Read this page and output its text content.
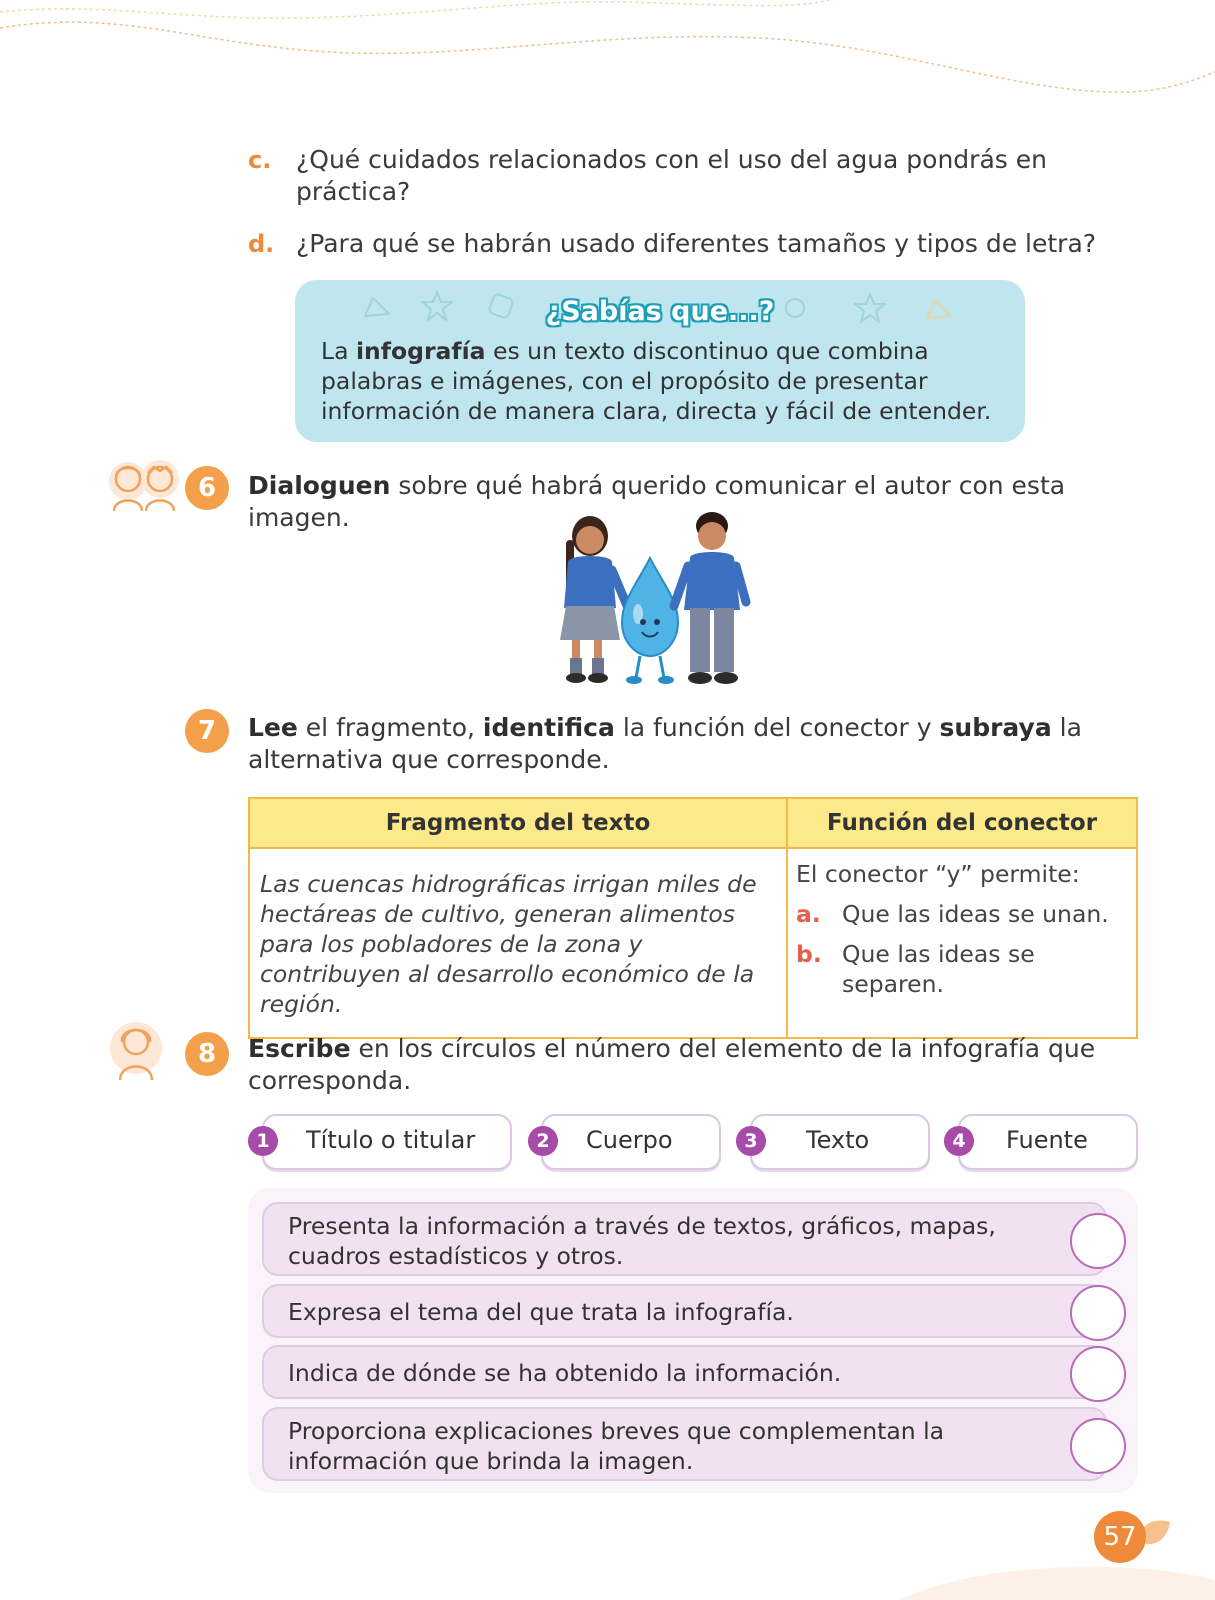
c. ¿Qué cuidados relacionados con el uso del agua pondrás en práctica?
d. ¿Para qué se habrán usado diferentes tamaños y tipos de letra?
¿Sabías que...?
La infografía es un texto discontinuo que combina palabras e imágenes, con el propósito de presentar información de manera clara, directa y fácil de entender.
6	Dialoguen sobre qué habrá querido comunicar el autor con esta imagen.
7	Lee el fragmento, identifica la función del conector y subraya la alternativa que corresponde.
Fragmento del texto	Función del conector
Las cuencas hidrográficas irrigan miles de hectáreas de cultivo, generan alimentos para los pobladores de la zona y contribuyen al desarrollo económico de la región.	El conector “y” permite:
a. Que las ideas se unan.
b. Que las ideas se separen.
8	Escribe en los círculos el número del elemento de la infografía que corresponda.
1	Título o titular	2	Cuerpo	3	Texto	4	Fuente
Presenta la información a través de textos, gráficos, mapas, cuadros estadísticos y otros.
Expresa el tema del que trata la infografía.
Indica de dónde se ha obtenido la información.
Proporciona explicaciones breves que complementan la información que brinda la imagen.
57
